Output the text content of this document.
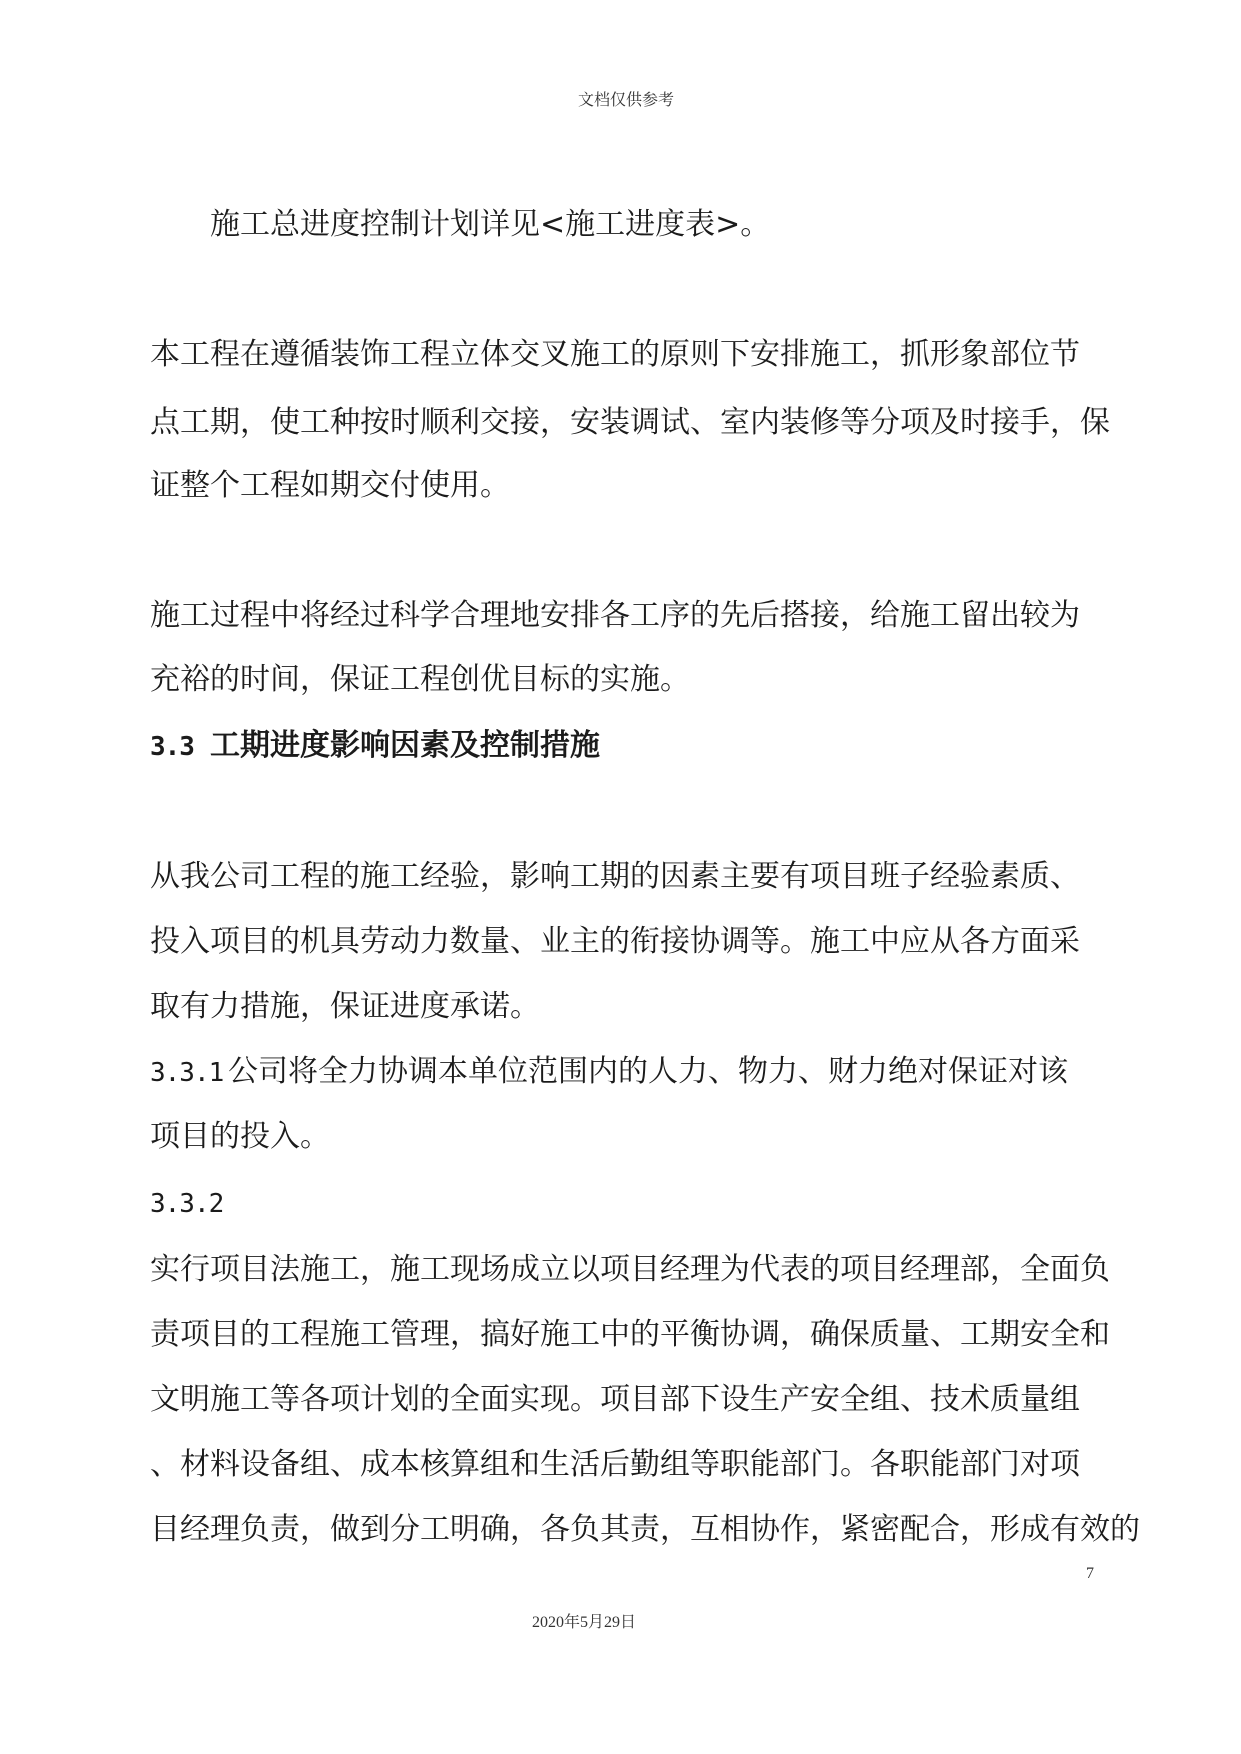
文档仅供参考
施工总进度控制计划详见<施工进度表>。
本工程在遵循装饰工程立体交叉施工的原则下安排施工，抓形象部位节
点工期，使工种按时顺利交接，安装调试、室内装修等分项及时接手，保
证整个工程如期交付使用。
施工过程中将经过科学合理地安排各工序的先后搭接，给施工留出较为
充裕的时间，保证工程创优目标的实施。
3.3 工期进度影响因素及控制措施
从我公司工程的施工经验，影响工期的因素主要有项目班子经验素质、
投入项目的机具劳动力数量、业主的衔接协调等。施工中应从各方面采
取有力措施，保证进度承诺。
3.3.1 公司将全力协调本单位范围内的人力、物力、财力绝对保证对该
项目的投入。
3.3.2
实行项目法施工，施工现场成立以项目经理为代表的项目经理部，全面负
责项目的工程施工管理，搞好施工中的平衡协调，确保质量、工期安全和
文明施工等各项计划的全面实现。项目部下设生产安全组、技术质量组
、材料设备组、成本核算组和生活后勤组等职能部门。各职能部门对项
目经理负责，做到分工明确，各负其责，互相协作，紧密配合，形成有效的
7
2020年5月29日
